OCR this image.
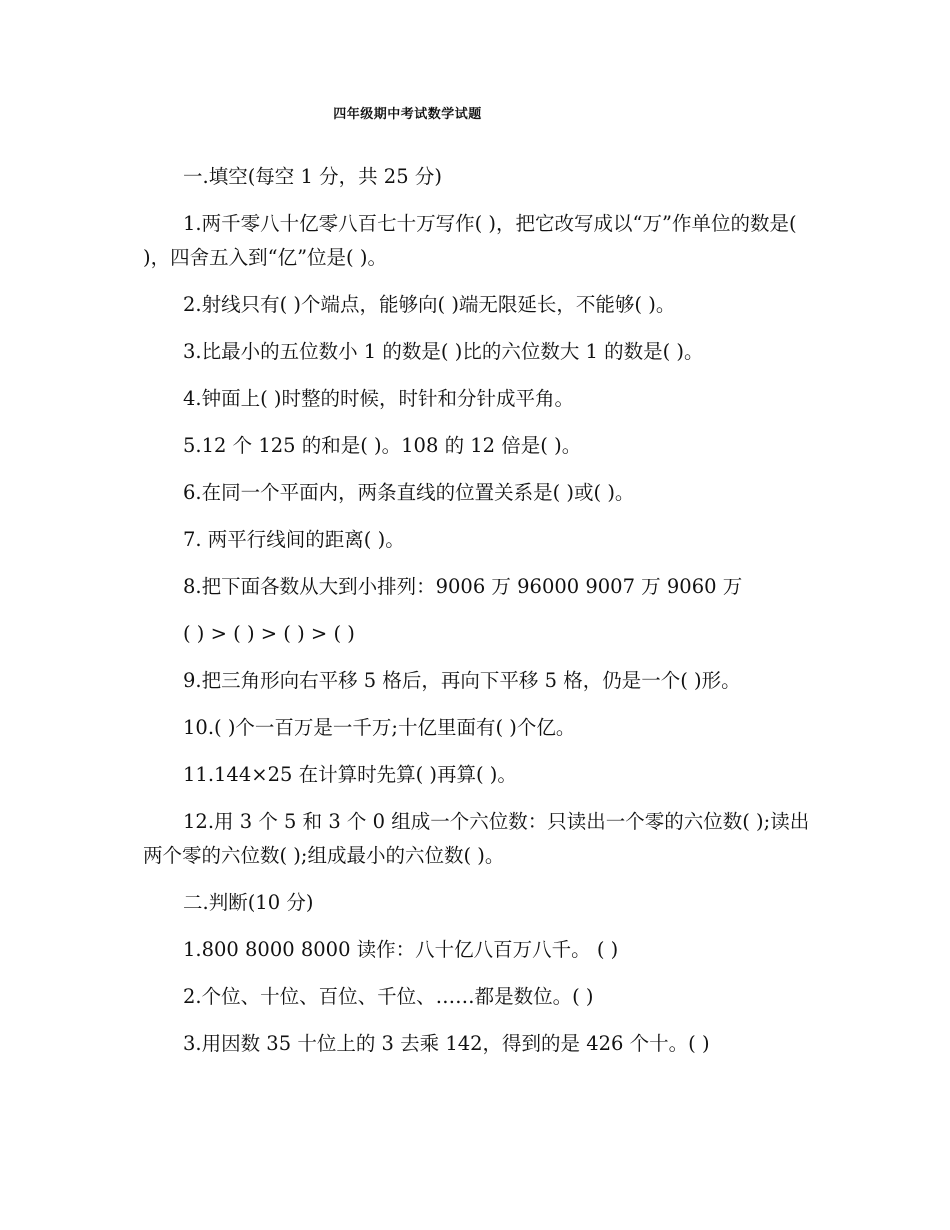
四年级期中考试数学试题

一.填空(每空 1 分，共 25 分)

1.两千零八十亿零八百七十万写作( )，把它改写成以“万”作单位的数是( )，四舍五入到“亿”位是( )。

2.射线只有( )个端点，能够向( )端无限延长，不能够( )。

3.比最小的五位数小 1 的数是( )比的六位数大 1 的数是( )。

4.钟面上( )时整的时候，时针和分针成平角。

5.12 个 125 的和是( )。108 的 12 倍是( )。

6.在同一个平面内，两条直线的位置关系是( )或( )。

7. 两平行线间的距离( )。

8.把下面各数从大到小排列：9006 万 96000 9007 万 9060 万

( ) > ( ) > ( ) > ( )

9.把三角形向右平移 5 格后，再向下平移 5 格，仍是一个( )形。

10.( )个一百万是一千万;十亿里面有( )个亿。

11.144×25 在计算时先算( )再算( )。

12.用 3 个 5 和 3 个 0 组成一个六位数：只读出一个零的六位数( );读出两个零的六位数( );组成最小的六位数( )。

二.判断(10 分)

1.800 8000 8000 读作：八十亿八百万八千。 ( )

2.个位、十位、百位、千位、……都是数位。( )

3.用因数 35 十位上的 3 去乘 142，得到的是 426 个十。( )
